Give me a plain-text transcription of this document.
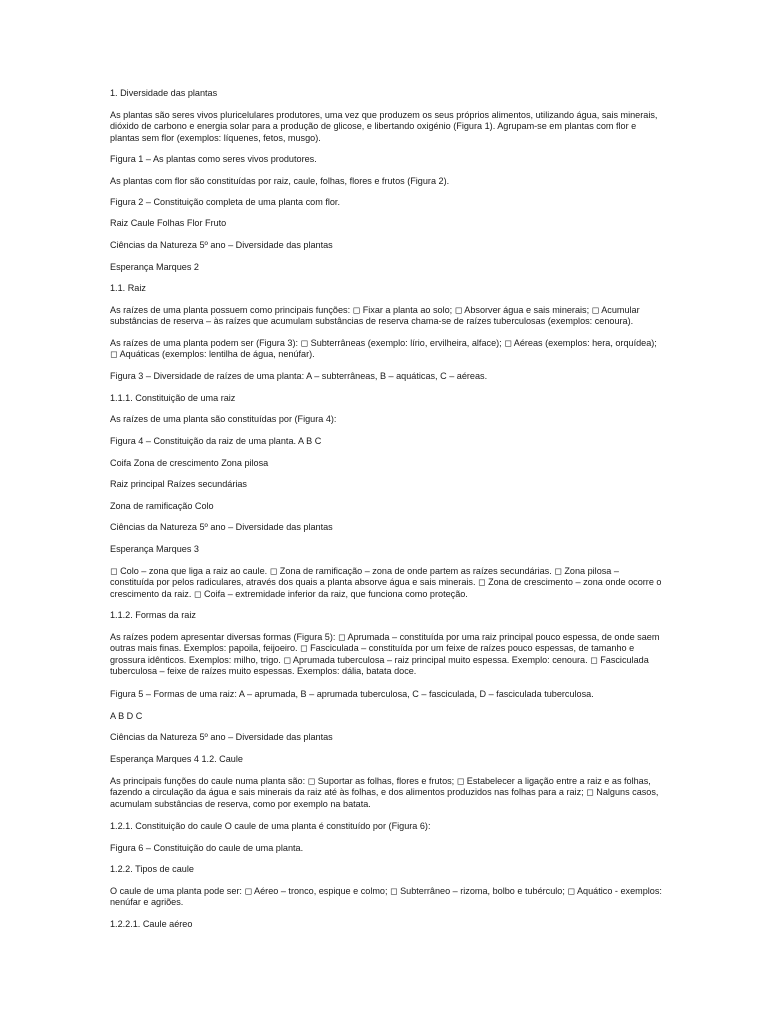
1. Diversidade das plantas

As plantas são seres vivos pluricelulares produtores, uma vez que produzem os seus próprios alimentos, utilizando água, sais minerais, dióxido de carbono e energia solar para a produção de glicose, e libertando oxigénio (Figura 1). Agrupam-se em plantas com flor e plantas sem flor (exemplos: líquenes, fetos, musgo).

Figura 1 – As plantas como seres vivos produtores.

As plantas com flor são constituídas por raiz, caule, folhas, flores e frutos (Figura 2).

Figura 2 – Constituição completa de uma planta com flor.

Raiz Caule Folhas Flor Fruto

Ciências da Natureza 5º ano – Diversidade das plantas

Esperança Marques 2

1.1. Raiz

As raízes de uma planta possuem como principais funções: ◻ Fixar a planta ao solo; ◻ Absorver água e sais minerais; ◻ Acumular substâncias de reserva – às raízes que acumulam substâncias de reserva chama-se de raízes tuberculosas (exemplos: cenoura).

As raízes de uma planta podem ser (Figura 3): ◻ Subterrâneas (exemplo: lírio, ervilheira, alface); ◻ Aéreas (exemplos: hera, orquídea); ◻ Aquáticas (exemplos: lentilha de água, nenúfar).

Figura 3 – Diversidade de raízes de uma planta: A – subterrâneas, B – aquáticas, C – aéreas.

1.1.1. Constituição de uma raiz

As raízes de uma planta são constituídas por (Figura 4):

Figura 4 – Constituição da raiz de uma planta. A B C

Coifa Zona de crescimento Zona pilosa

Raiz principal Raízes secundárias

Zona de ramificação Colo

Ciências da Natureza 5º ano – Diversidade das plantas

Esperança Marques 3

◻ Colo – zona que liga a raiz ao caule. ◻ Zona de ramificação – zona de onde partem as raízes secundárias. ◻ Zona pilosa – constituída por pelos radiculares, através dos quais a planta absorve água e sais minerais. ◻ Zona de crescimento – zona onde ocorre o crescimento da raiz. ◻ Coifa – extremidade inferior da raiz, que funciona como proteção.

1.1.2. Formas da raiz

As raízes podem apresentar diversas formas (Figura 5): ◻ Aprumada – constituída por uma raiz principal pouco espessa, de onde saem outras mais finas. Exemplos: papoila, feijoeiro. ◻ Fasciculada – constituída por um feixe de raízes pouco espessas, de tamanho e grossura idênticos. Exemplos: milho, trigo. ◻ Aprumada tuberculosa – raiz principal muito espessa. Exemplo: cenoura. ◻ Fasciculada tuberculosa – feixe de raízes muito espessas. Exemplos: dália, batata doce.

Figura 5 – Formas de uma raiz: A – aprumada, B – aprumada tuberculosa, C – fasciculada, D – fasciculada tuberculosa.

A B D C

Ciências da Natureza 5º ano – Diversidade das plantas

Esperança Marques 4 1.2. Caule

As principais funções do caule numa planta são: ◻ Suportar as folhas, flores e frutos; ◻ Estabelecer a ligação entre a raiz e as folhas, fazendo a circulação da água e sais minerais da raiz até às folhas, e dos alimentos produzidos nas folhas para a raiz; ◻ Nalguns casos, acumulam substâncias de reserva, como por exemplo na batata.

1.2.1. Constituição do caule O caule de uma planta é constituído por (Figura 6):

Figura 6 – Constituição do caule de uma planta.

1.2.2. Tipos de caule

O caule de uma planta pode ser: ◻ Aéreo – tronco, espique e colmo; ◻ Subterrâneo – rizoma, bolbo e tubérculo; ◻ Aquático - exemplos: nenúfar e agriões.

1.2.2.1. Caule aéreo
